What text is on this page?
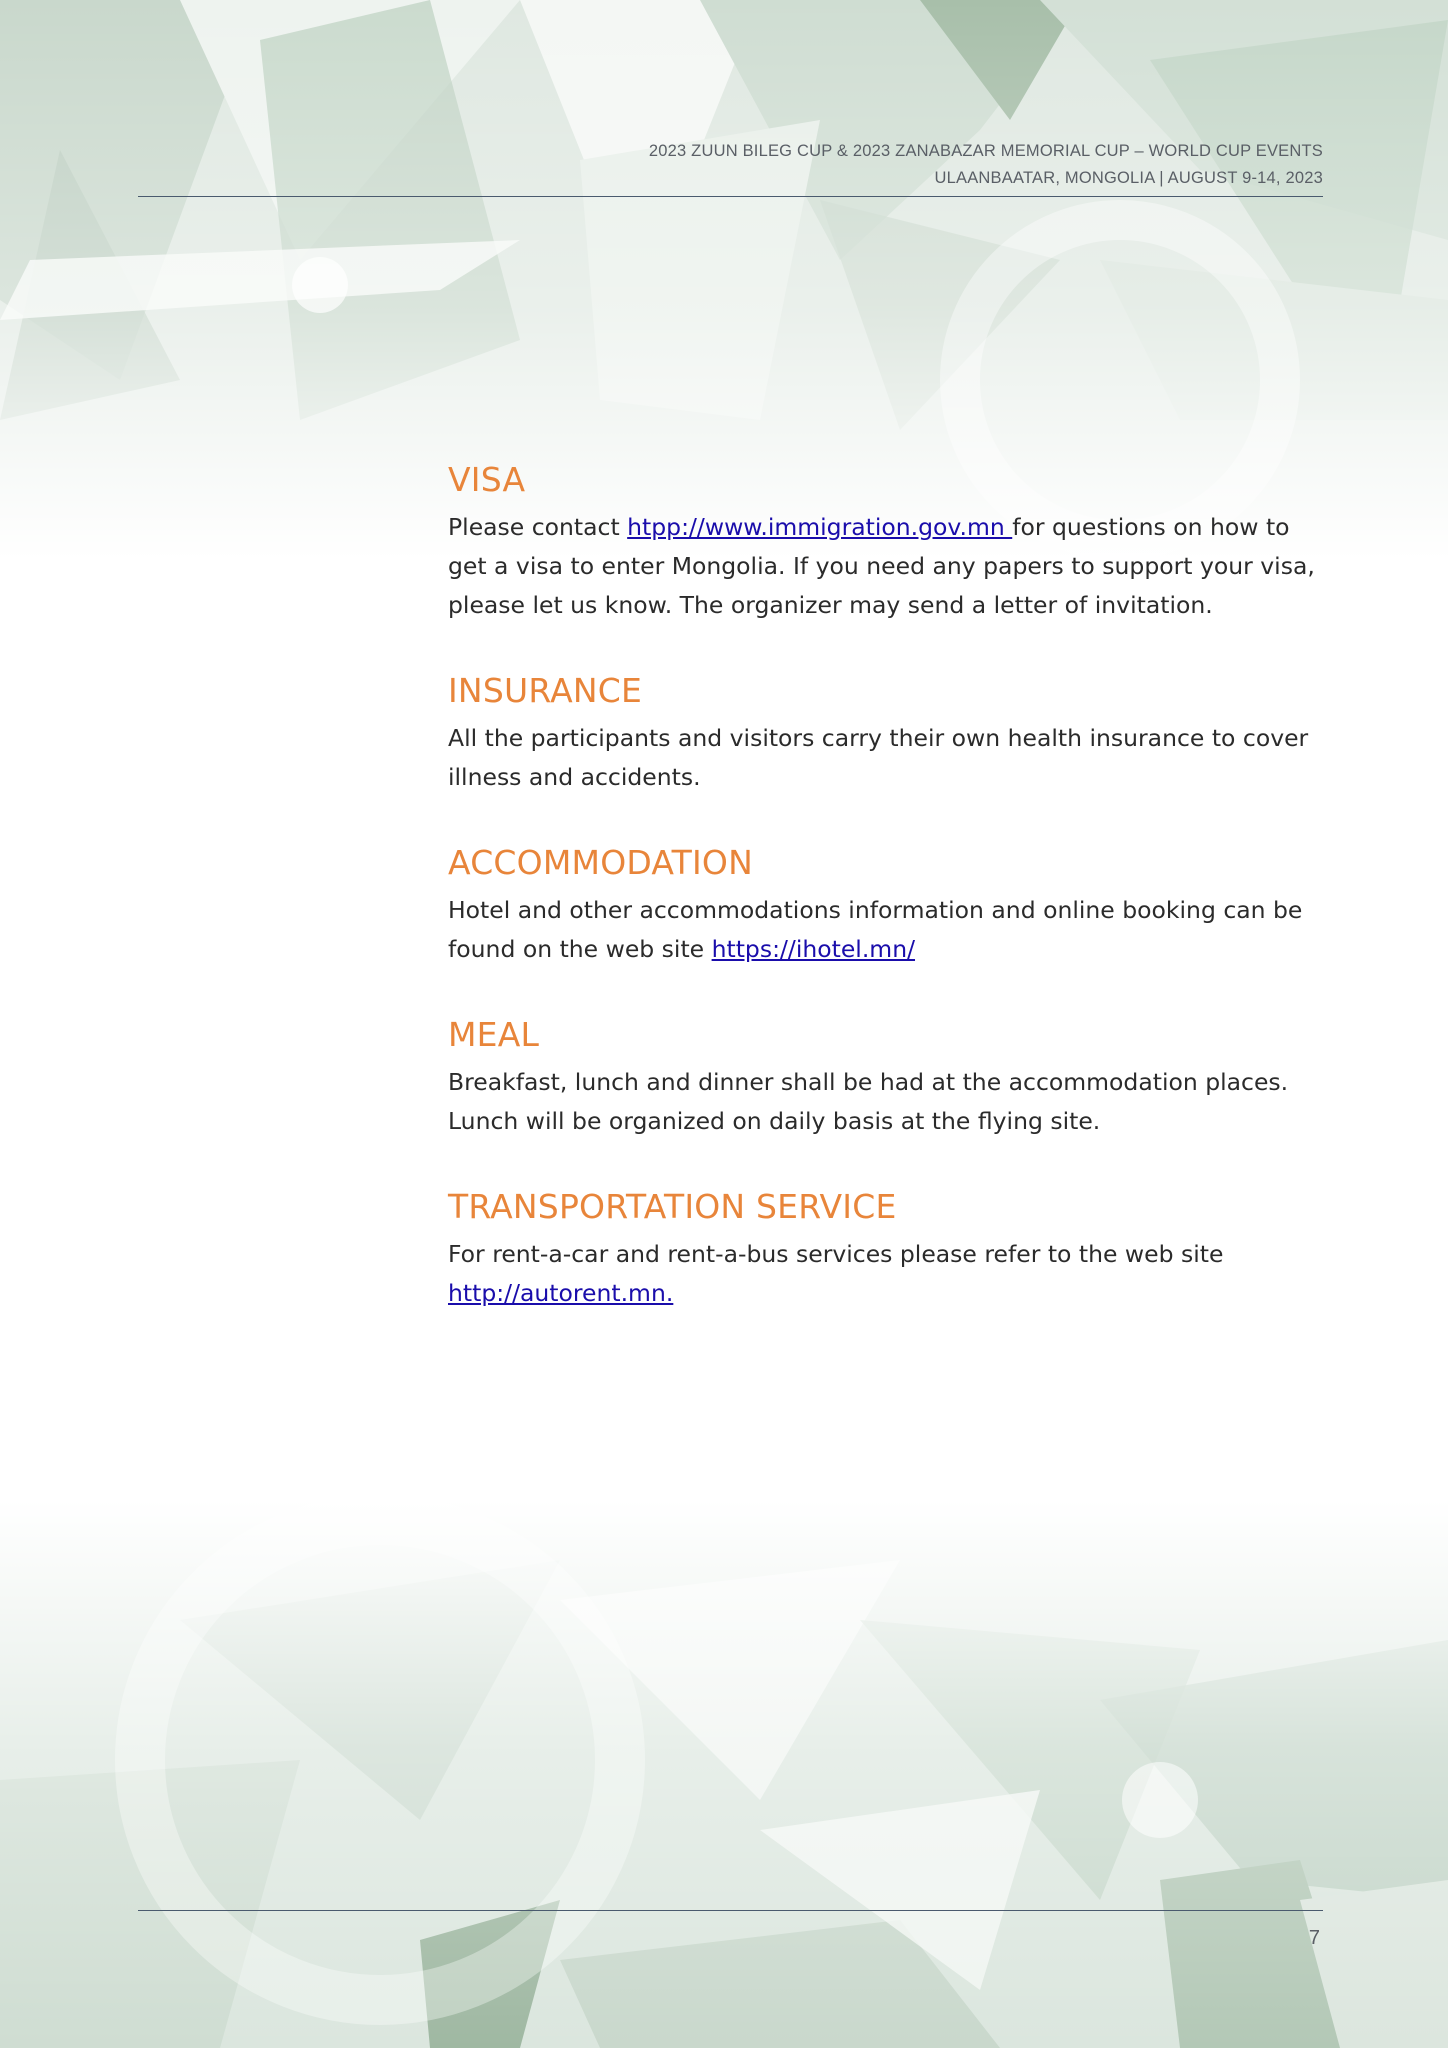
2023 ZUUN BILEG CUP & 2023 ZANABAZAR MEMORIAL CUP – WORLD CUP EVENTS
ULAANBAATAR, MONGOLIA | AUGUST 9-14, 2023
VISA

Please contact htpp://www.immigration.gov.mn for questions on how to get a visa to enter Mongolia. If you need any papers to support your visa, please let us know. The organizer may send a letter of invitation.

INSURANCE

All the participants and visitors carry their own health insurance to cover illness and accidents.

ACCOMMODATION

Hotel and other accommodations information and online booking can be found on the web site https://ihotel.mn/

MEAL

Breakfast, lunch and dinner shall be had at the accommodation places. Lunch will be organized on daily basis at the flying site.

TRANSPORTATION SERVICE

For rent-a-car and rent-a-bus services please refer to the web site http://autorent.mn.

7
